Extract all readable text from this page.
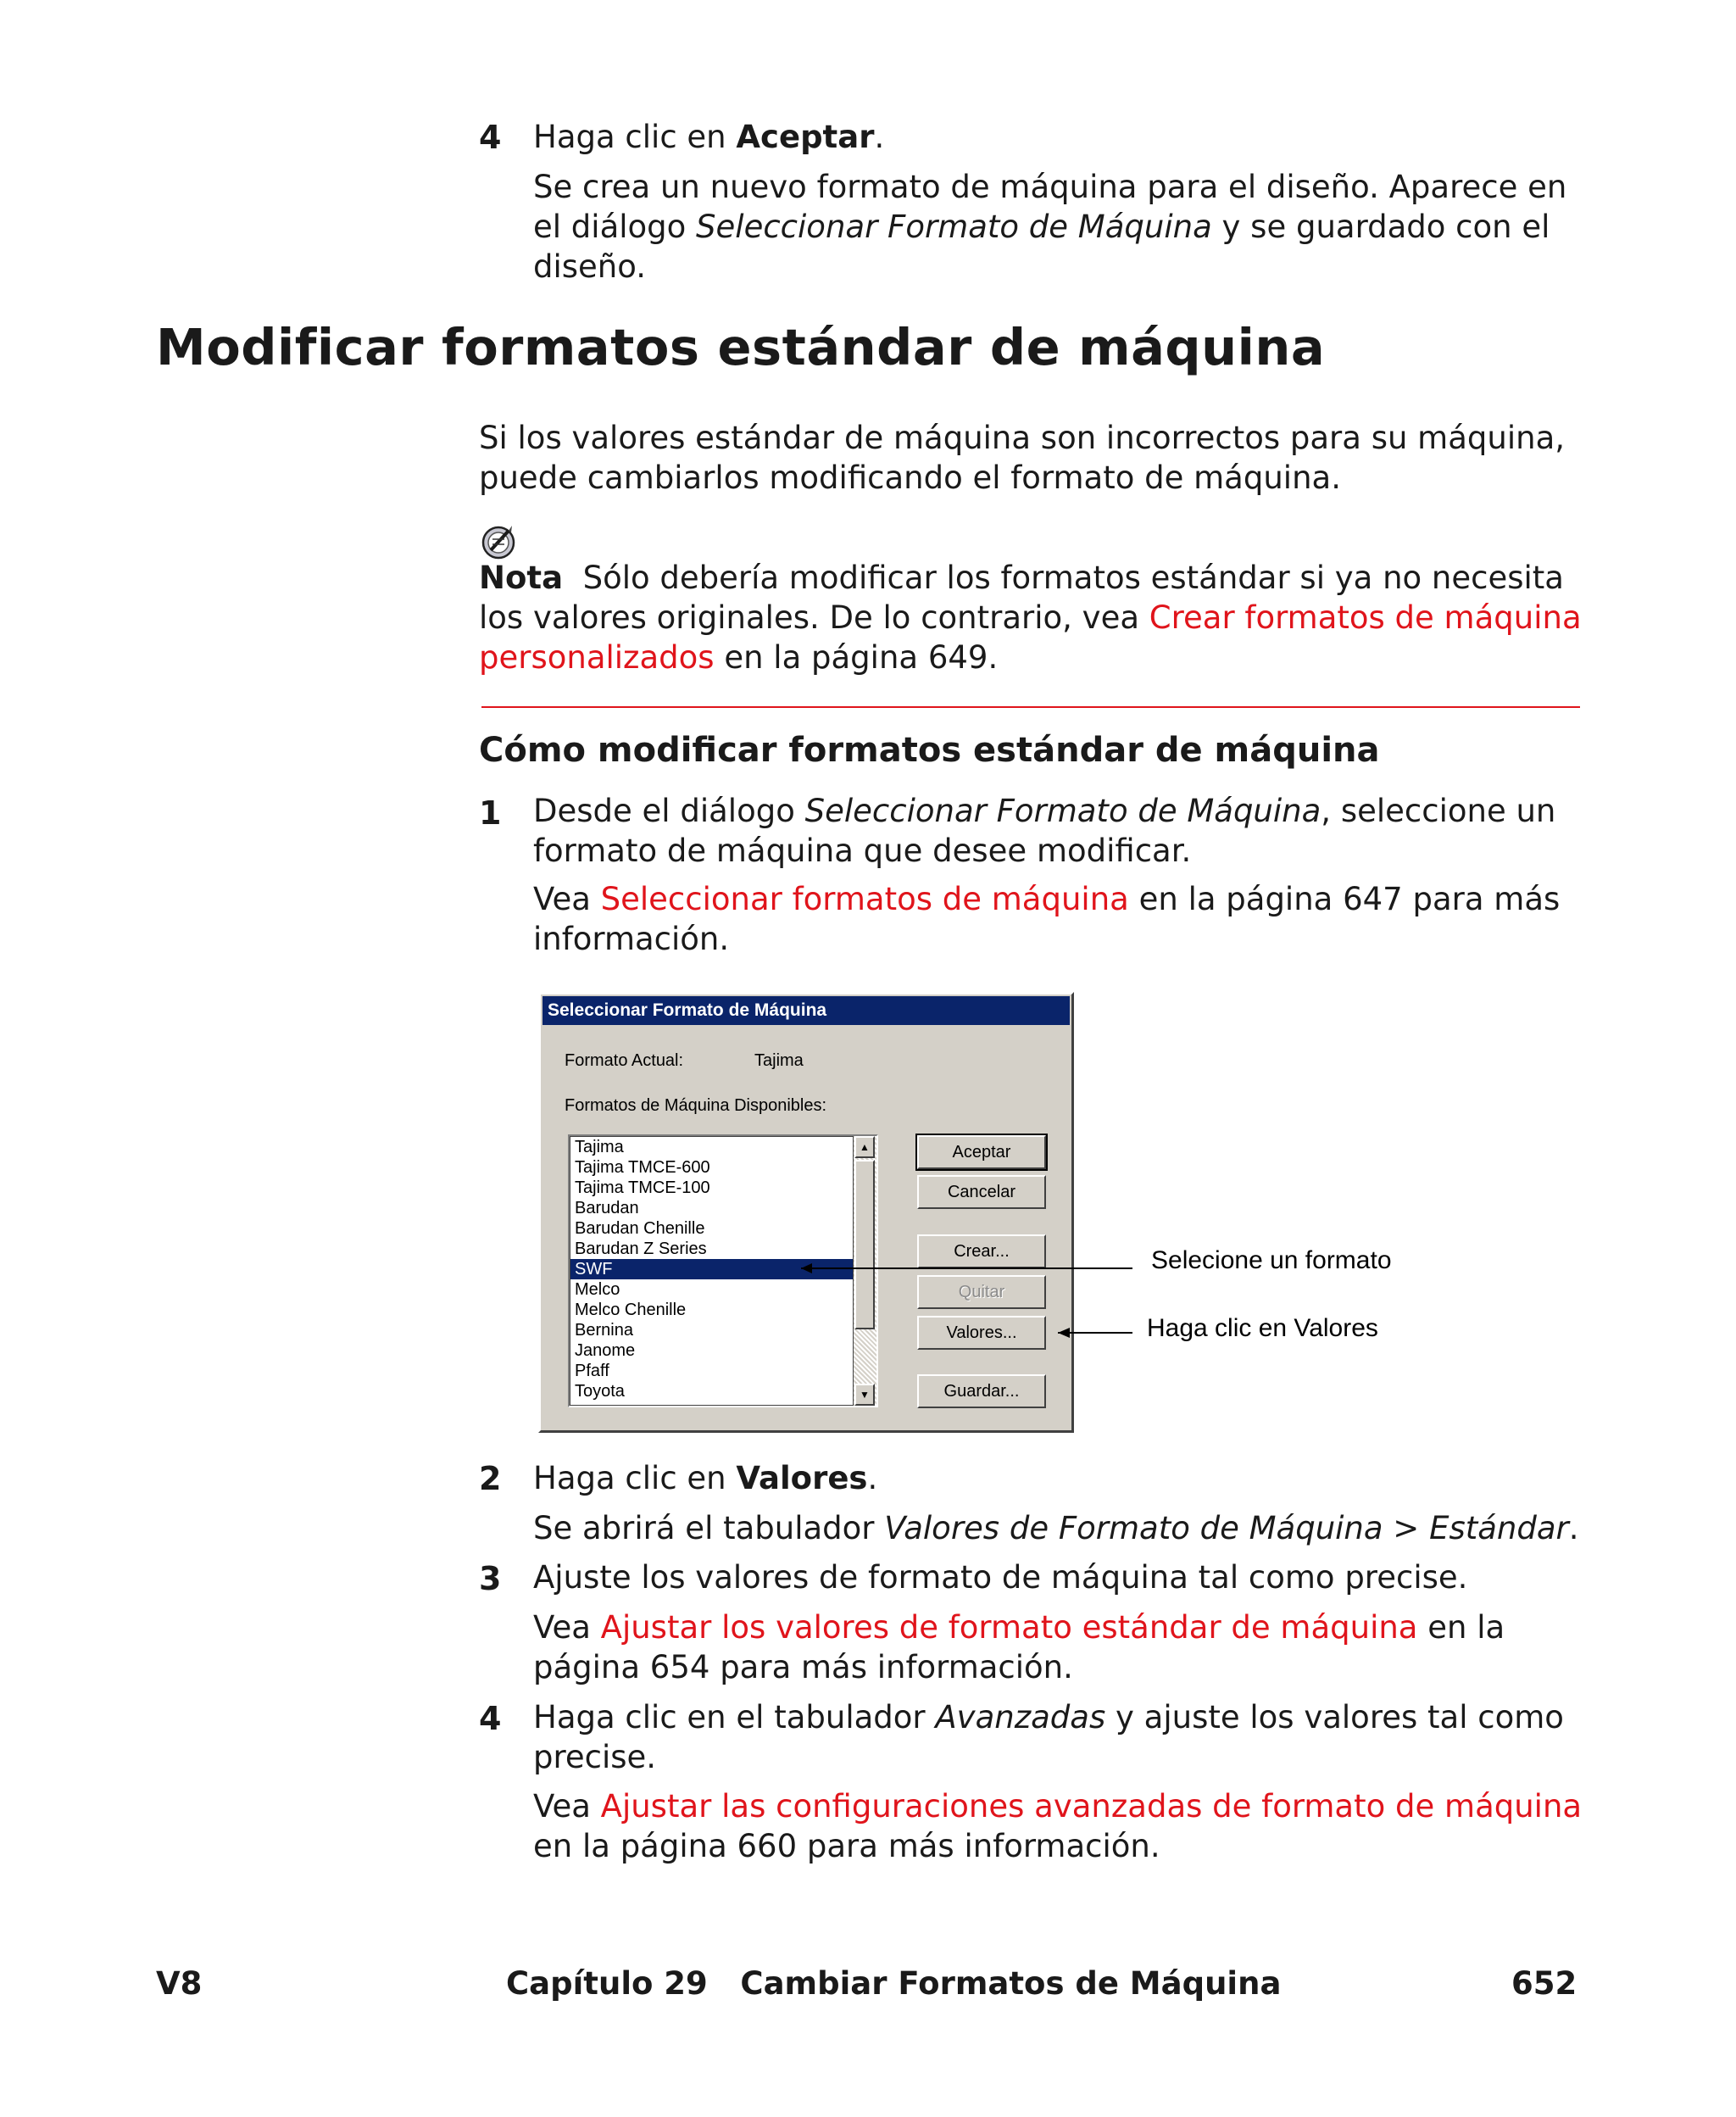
4 Haga clic en Aceptar.
Se crea un nuevo formato de máquina para el diseño. Aparece en el diálogo Seleccionar Formato de Máquina y se guardado con el diseño.
Modificar formatos estándar de máquina
Si los valores estándar de máquina son incorrectos para su máquina, puede cambiarlos modificando el formato de máquina.
Nota Sólo debería modificar los formatos estándar si ya no necesita los valores originales. De lo contrario, vea Crear formatos de máquina personalizados en la página 649.
Cómo modificar formatos estándar de máquina
1 Desde el diálogo Seleccionar Formato de Máquina, seleccione un formato de máquina que desee modificar.
Vea Seleccionar formatos de máquina en la página 647 para más información.
Seleccionar Formato de Máquina
Formato Actual:	Tajima
Formatos de Máquina Disponibles:
Tajima
Tajima TMCE-600
Tajima TMCE-100
Barudan
Barudan Chenille
Barudan Z Series
SWF
Melco
Melco Chenille
Bernina
Janome
Pfaff
Toyota
▲
▼
Aceptar
Cancelar
Crear...
Quitar
Valores...
Guardar...
Selecione un formato
Haga clic en Valores
2 Haga clic en Valores.
Se abrirá el tabulador Valores de Formato de Máquina > Estándar.
3 Ajuste los valores de formato de máquina tal como precise.
Vea Ajustar los valores de formato estándar de máquina en la página 654 para más información.
4 Haga clic en el tabulador Avanzadas y ajuste los valores tal como precise.
Vea Ajustar las configuraciones avanzadas de formato de máquina en la página 660 para más información.
V8	Capítulo 29   Cambiar Formatos de Máquina	652
